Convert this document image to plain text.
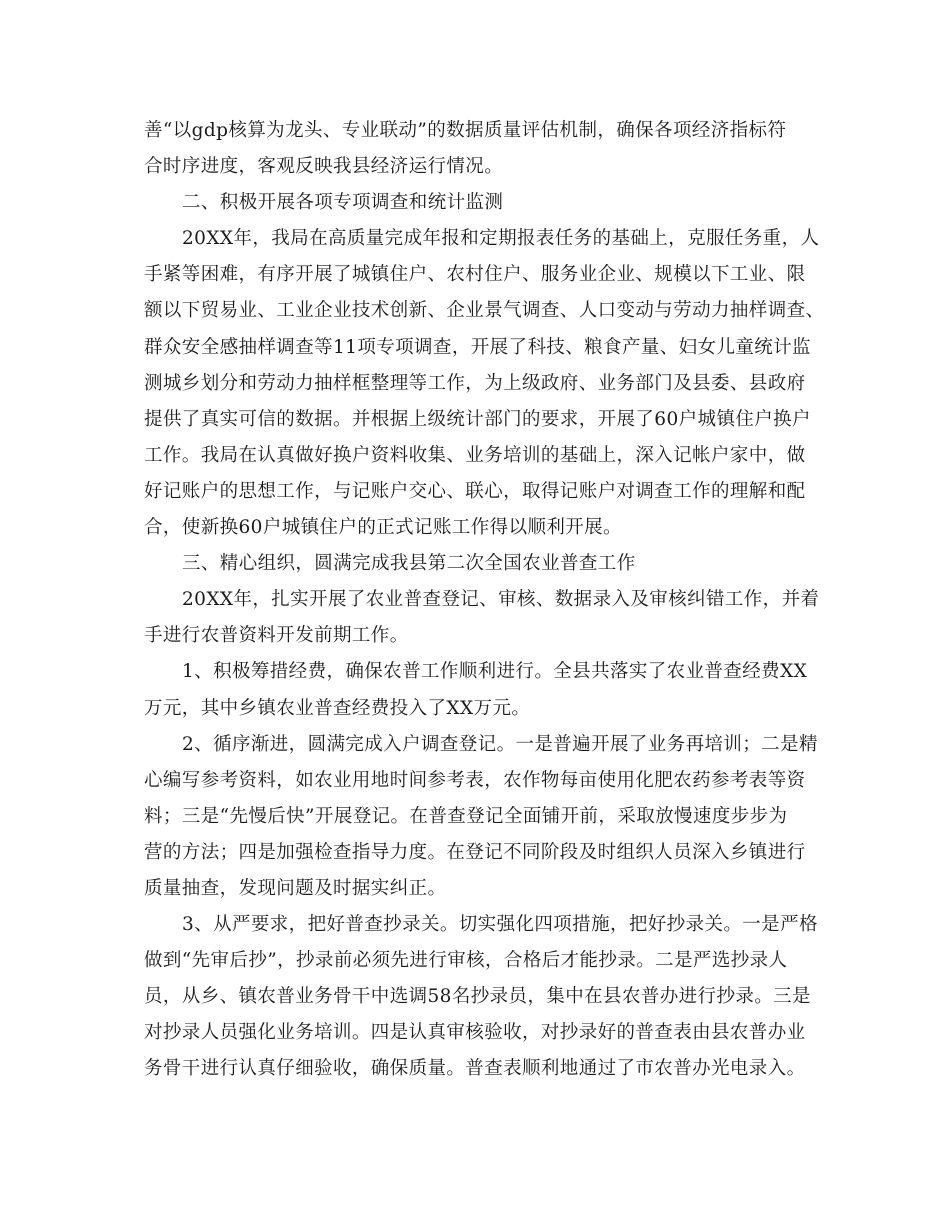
善“以gdp核算为龙头、专业联动”的数据质量评估机制，确保各项经济指标符
合时序进度，客观反映我县经济运行情况。
二、积极开展各项专项调查和统计监测
20XX年，我局在高质量完成年报和定期报表任务的基础上，克服任务重，人
手紧等困难，有序开展了城镇住户、农村住户、服务业企业、规模以下工业、限
额以下贸易业、工业企业技术创新、企业景气调查、人口变动与劳动力抽样调查、
群众安全感抽样调查等11项专项调查，开展了科技、粮食产量、妇女儿童统计监
测城乡划分和劳动力抽样框整理等工作，为上级政府、业务部门及县委、县政府
提供了真实可信的数据。并根据上级统计部门的要求，开展了60户城镇住户换户
工作。我局在认真做好换户资料收集、业务培训的基础上，深入记帐户家中，做
好记账户的思想工作，与记账户交心、联心，取得记账户对调查工作的理解和配
合，使新换60户城镇住户的正式记账工作得以顺利开展。
三、精心组织，圆满完成我县第二次全国农业普查工作
20XX年，扎实开展了农业普查登记、审核、数据录入及审核纠错工作，并着
手进行农普资料开发前期工作。
1、积极筹措经费，确保农普工作顺利进行。全县共落实了农业普查经费XX
万元，其中乡镇农业普查经费投入了XX万元。
2、循序渐进，圆满完成入户调查登记。一是普遍开展了业务再培训；二是精
心编写参考资料，如农业用地时间参考表，农作物每亩使用化肥农药参考表等资
料；三是“先慢后快”开展登记。在普查登记全面铺开前，采取放慢速度步步为
营的方法；四是加强检查指导力度。在登记不同阶段及时组织人员深入乡镇进行
质量抽查，发现问题及时据实纠正。
3、从严要求，把好普查抄录关。切实强化四项措施，把好抄录关。一是严格
做到“先审后抄”，抄录前必须先进行审核，合格后才能抄录。二是严选抄录人
员，从乡、镇农普业务骨干中选调58名抄录员，集中在县农普办进行抄录。三是
对抄录人员强化业务培训。四是认真审核验收，对抄录好的普查表由县农普办业
务骨干进行认真仔细验收，确保质量。普查表顺利地通过了市农普办光电录入。
